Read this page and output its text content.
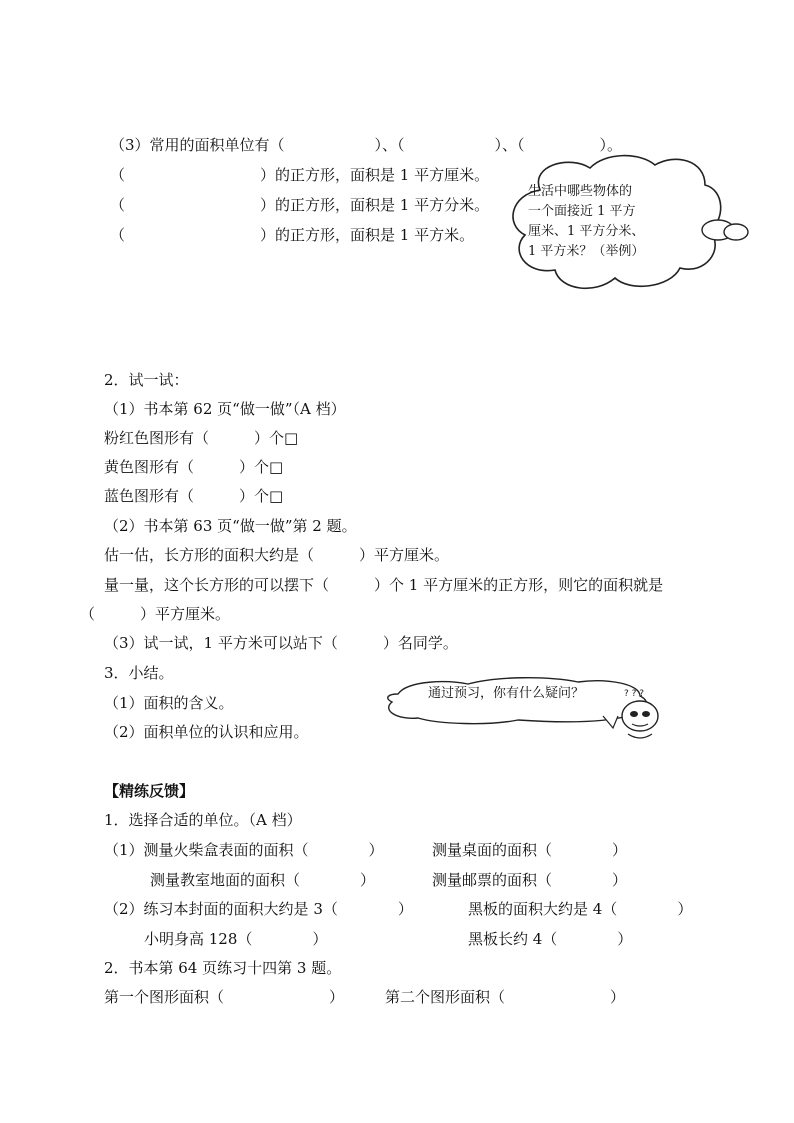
（3）常用的面积单位有（　　　　　　）、（　　　　　　）、（　　　　　）。
（　　　　　　　　　）的正方形，面积是 1 平方厘米。
（　　　　　　　　　）的正方形，面积是 1 平方分米。
（　　　　　　　　　）的正方形，面积是 1 平方米。
生活中哪些物体的
一个面接近 1 平方
厘米、1 平方分米、
1 平方米？（举例）
2．试一试：
（1）书本第 62 页“做一做”（A 档）
粉红色图形有（　　　）个□
黄色图形有（　　　）个□
蓝色图形有（　　　）个□
（2）书本第 63 页“做一做”第 2 题。
估一估，长方形的面积大约是（　　　）平方厘米。
量一量，这个长方形的可以摆下（　　　）个 1 平方厘米的正方形，则它的面积就是
（　　　）平方厘米。
（3）试一试，1 平方米可以站下（　　　）名同学。
3．小结。
（1）面积的含义。
（2）面积单位的认识和应用。
? ? ?
通过预习，你有什么疑问？
【精练反馈】
1．选择合适的单位。（A 档）
（1）测量火柴盒表面的面积（　　　　）	测量桌面的面积（　　　　）
测量教室地面的面积（　　　　）	测量邮票的面积（　　　　）
（2）练习本封面的面积大约是 3（　　　　）	黑板的面积大约是 4（　　　　）
小明身高 128（　　　　）	黑板长约 4（　　　　）
2．书本第 64 页练习十四第 3 题。
第一个图形面积（　　　　　　　）	第二个图形面积（　　　　　　　）
